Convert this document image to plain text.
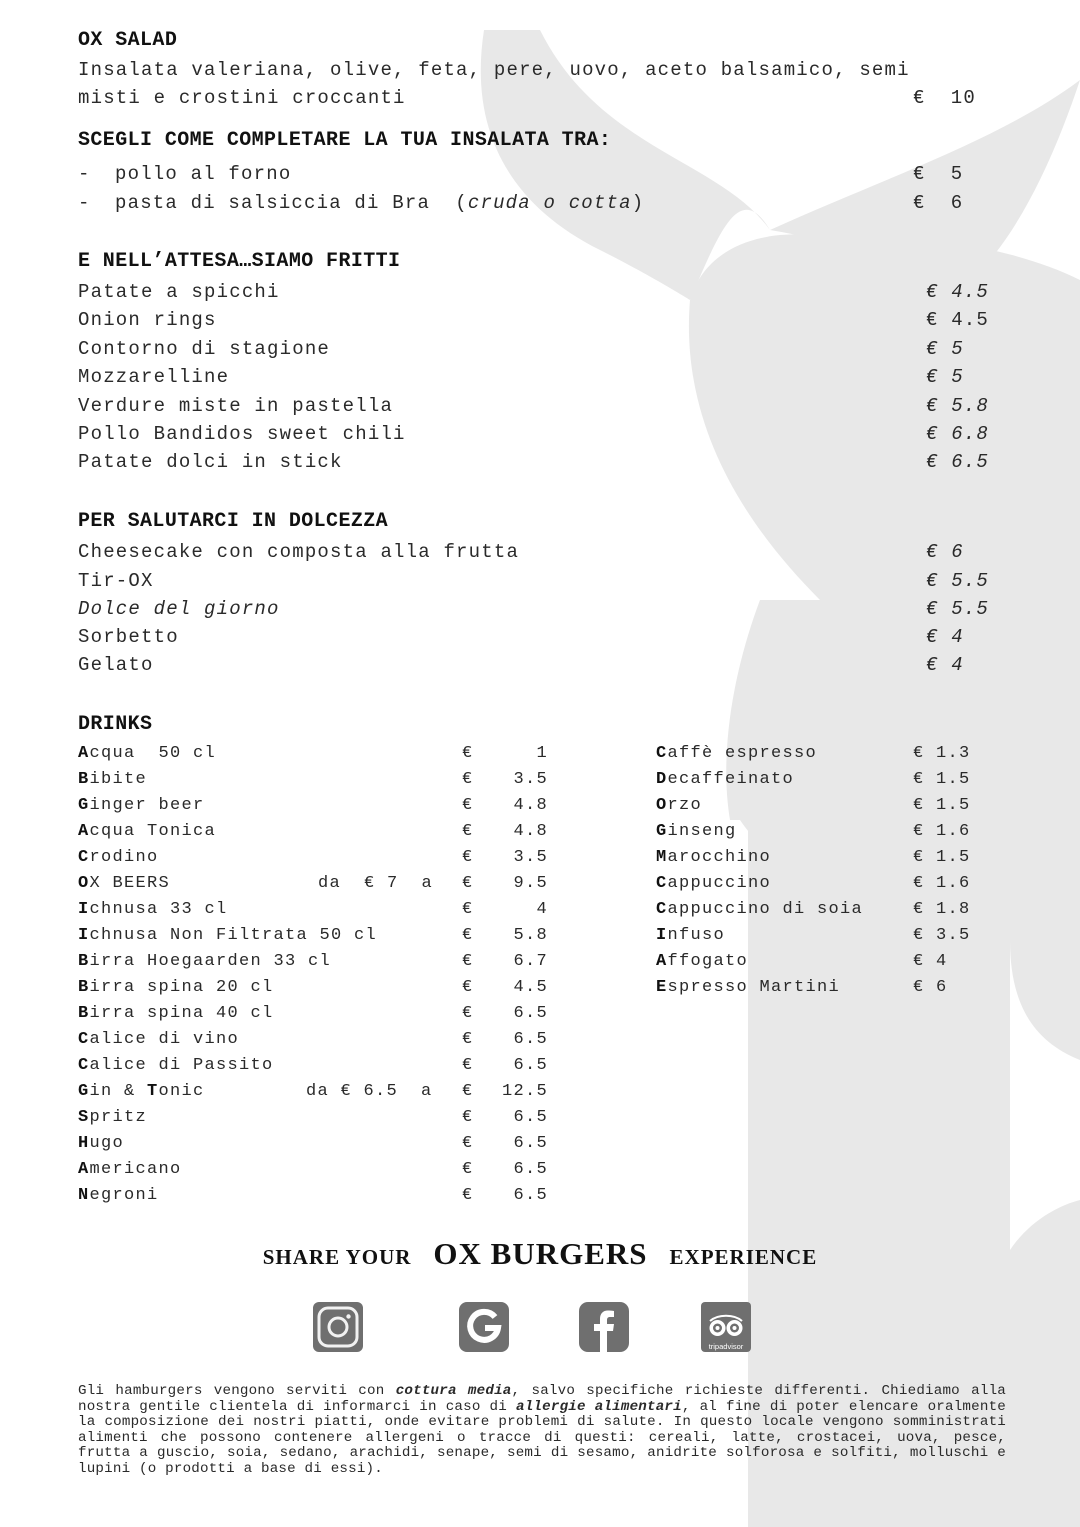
OX SALAD
Insalata valeriana, olive, feta, pere, uovo, aceto balsamico, semi
misti e crostini croccanti	€  10
SCEGLI COME COMPLETARE LA TUA INSALATA TRA:
- pollo al forno	€  5
- pasta di salsiccia di Bra (cruda o cotta)	€  6
E NELL’ATTESA…SIAMO FRITTI
Patate a spicchi	€ 4.5
Onion rings	€ 4.5
Contorno di stagione	€ 5
Mozzarelline	€ 5
Verdure miste in pastella	€ 5.8
Pollo Bandidos sweet chili	€ 6.8
Patate dolci in stick	€ 6.5
PER SALUTARCI IN DOLCEZZA
Cheesecake con composta alla frutta	€ 6
Tir-OX	€ 5.5
Dolce del giorno	€ 5.5
Sorbetto	€ 4
Gelato	€ 4
DRINKS
Acqua  50 cl	€	1
Bibite	€ 3.5
Ginger beer	€ 4.8
Acqua Tonica	€ 4.8
Crodino	€ 3.5
OX BEERS	da  € 7  a € 9.5
Ichnusa 33 cl	€	4
Ichnusa Non Filtrata 50 cl	€ 5.8
Birra Hoegaarden 33 cl	€ 6.7
Birra spina 20 cl	€ 4.5
Birra spina 40 cl	€ 6.5
Calice di vino	€ 6.5
Calice di Passito	€ 6.5
Gin & Tonic	da € 6.5  a € 12.5
Spritz	€ 6.5
Hugo	€ 6.5
Americano	€ 6.5
Negroni	€ 6.5
Caffè espresso	€ 1.3
Decaffeinato	€ 1.5
Orzo	€ 1.5
Ginseng	€ 1.6
Marocchino	€ 1.5
Cappuccino	€ 1.6
Cappuccino di soia	€ 1.8
Infuso	€ 3.5
Affogato	€ 4
Espresso Martini	€ 6
SHARE YOUR OX BURGERS EXPERIENCE
tripadvisor
Gli hamburgers vengono serviti con cottura media, salvo specifiche richieste differenti. Chiediamo alla nostra gentile clientela di informarci in caso di allergie alimentari, al fine di poter elencare oralmente la composizione dei nostri piatti, onde evitare problemi di salute. In questo locale vengono somministrati alimenti che possono contenere allergeni o tracce di questi: cereali, latte, crostacei, uova, pesce, frutta a guscio, soia, sedano, arachidi, senape, semi di sesamo, anidrite solforosa e solfiti, molluschi e lupini (o prodotti a base di essi).
